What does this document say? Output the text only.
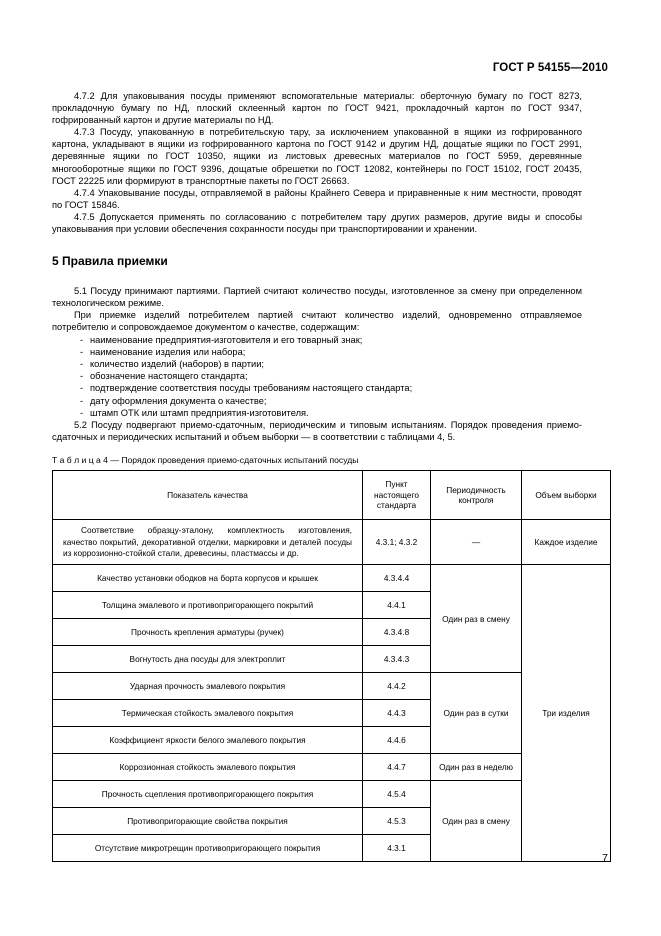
ГОСТ Р 54155—2010

4.7.2 Для упаковывания посуды применяют вспомогательные материалы: оберточную бумагу по ГОСТ 8273, прокладочную бумагу по НД, плоский склеенный картон по ГОСТ 9421, прокладочный картон по ГОСТ 9347, гофрированный картон и другие материалы по НД.

4.7.3 Посуду, упакованную в потребительскую тару, за исключением упакованной в ящики из гофрированного картона, укладывают в ящики из гофрированного картона по ГОСТ 9142 и другим НД, дощатые ящики по ГОСТ 2991, деревянные ящики по ГОСТ 10350, ящики из листовых древесных материалов по ГОСТ 5959, деревянные многооборотные ящики по ГОСТ 9396, дощатые обрешетки по ГОСТ 12082, контейнеры по ГОСТ 15102, ГОСТ 20435, ГОСТ 22225 или формируют в транспортные пакеты по ГОСТ 26663.

4.7.4 Упаковывание посуды, отправляемой в районы Крайнего Севера и приравненные к ним местности, проводят по ГОСТ 15846.

4.7.5 Допускается применять по согласованию с потребителем тару других размеров, другие виды и способы упаковывания при условии обеспечения сохранности посуды при транспортировании и хранении.

5 Правила приемки

5.1 Посуду принимают партиями. Партией считают количество посуды, изготовленное за смену при определенном технологическом режиме.

При приемке изделий потребителем партией считают количество изделий, одновременно отправляемое потребителю и сопровождаемое документом о качестве, содержащим:

- наименование предприятия-изготовителя и его товарный знак;
- наименование изделия или набора;
- количество изделий (наборов) в партии;
- обозначение настоящего стандарта;
- подтверждение соответствия посуды требованиям настоящего стандарта;
- дату оформления документа о качестве;
- штамп ОТК или штамп предприятия-изготовителя.

5.2 Посуду подвергают приемо-сдаточным, периодическим и типовым испытаниям. Порядок проведения приемо-сдаточных и периодических испытаний и объем выборки — в соответствии с таблицами 4, 5.

Т а б л и ц а 4 — Порядок проведения приемо-сдаточных испытаний посуды

Показатель качества	Пункт настоящего стандарта	Периодичность контроля	Объем выборки
Соответствие образцу-эталону, комплектность изготовления, качество покрытий, декоративной отделки, маркировки и деталей посуды из коррозионно-стойкой стали, древесины, пластмассы и др.	4.3.1; 4.3.2	—	Каждое изделие
Качество установки ободков на борта корпусов и крышек	4.3.4.4	Один раз в смену	Три изделия
Толщина эмалевого и противопригорающего покрытий	4.4.1		
Прочность крепления арматуры (ручек)	4.3.4.8		
Вогнутость дна посуды для электроплит	4.3.4.3		
Ударная прочность эмалевого покрытия	4.4.2	Один раз в сутки	
Термическая стойкость эмалевого покрытия	4.4.3		
Коэффициент яркости белого эмалевого покрытия	4.4.6		
Коррозионная стойкость эмалевого покрытия	4.4.7	Один раз в неделю	
Прочность сцепления противопригорающего покрытия	4.5.4	Один раз в смену	
Противопригорающие свойства покрытия	4.5.3		
Отсутствие микротрещин противопригорающего покрытия	4.3.1		
7
